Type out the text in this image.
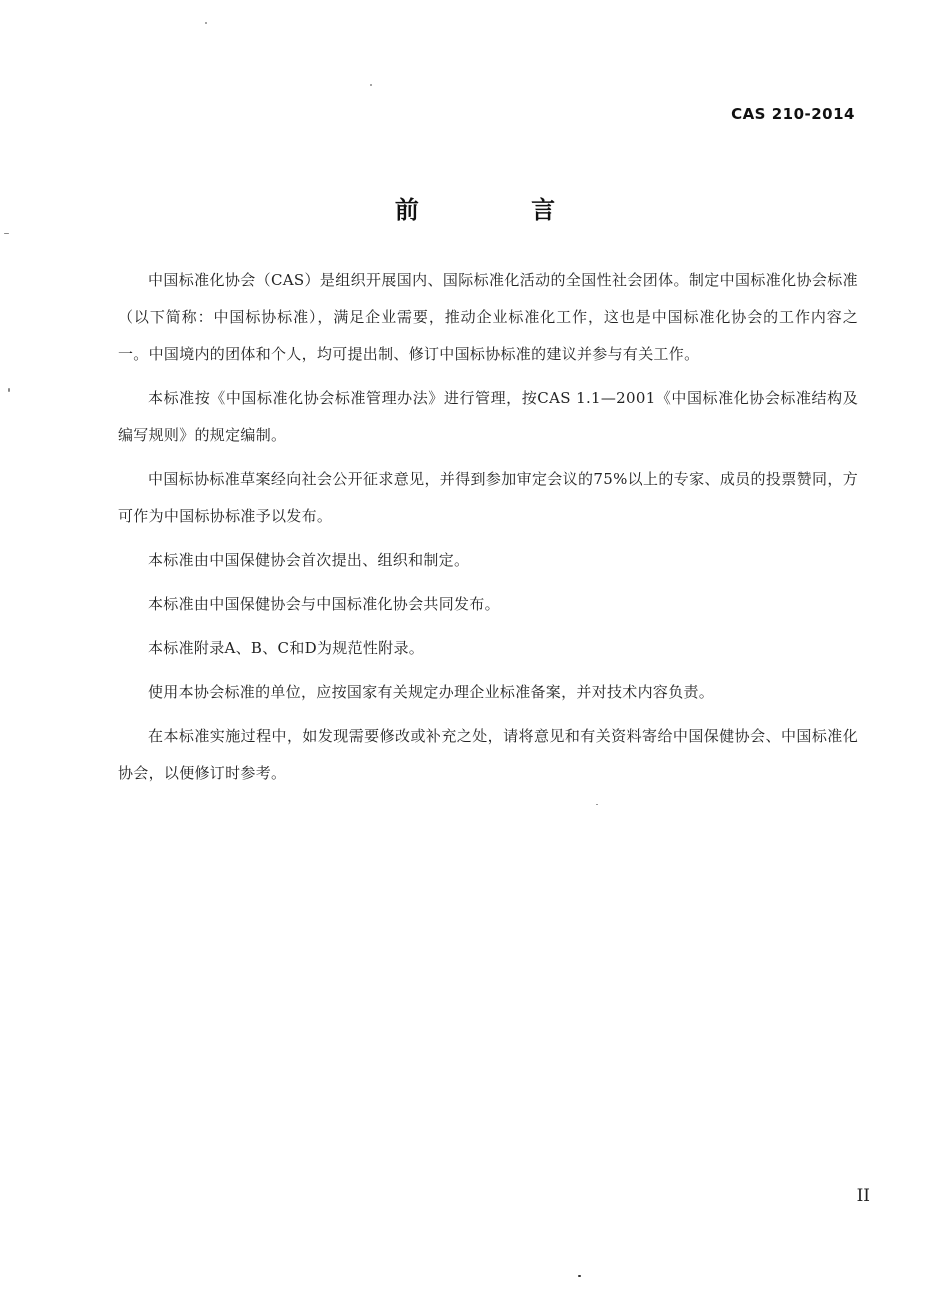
CAS 210-2014
前 言

中国标准化协会（CAS）是组织开展国内、国际标准化活动的全国性社会团体。制定中国标准化协会标准（以下简称：中国标协标准），满足企业需要，推动企业标准化工作，这也是中国标准化协会的工作内容之一。中国境内的团体和个人，均可提出制、修订中国标协标准的建议并参与有关工作。

本标准按《中国标准化协会标准管理办法》进行管理，按CAS 1.1—2001《中国标准化协会标准结构及编写规则》的规定编制。

中国标协标准草案经向社会公开征求意见，并得到参加审定会议的75%以上的专家、成员的投票赞同，方可作为中国标协标准予以发布。

本标准由中国保健协会首次提出、组织和制定。

本标准由中国保健协会与中国标准化协会共同发布。

本标准附录A、B、C和D为规范性附录。

使用本协会标准的单位，应按国家有关规定办理企业标准备案，并对技术内容负责。

在本标准实施过程中，如发现需要修改或补充之处，请将意见和有关资料寄给中国保健协会、中国标准化协会，以便修订时参考。

II
